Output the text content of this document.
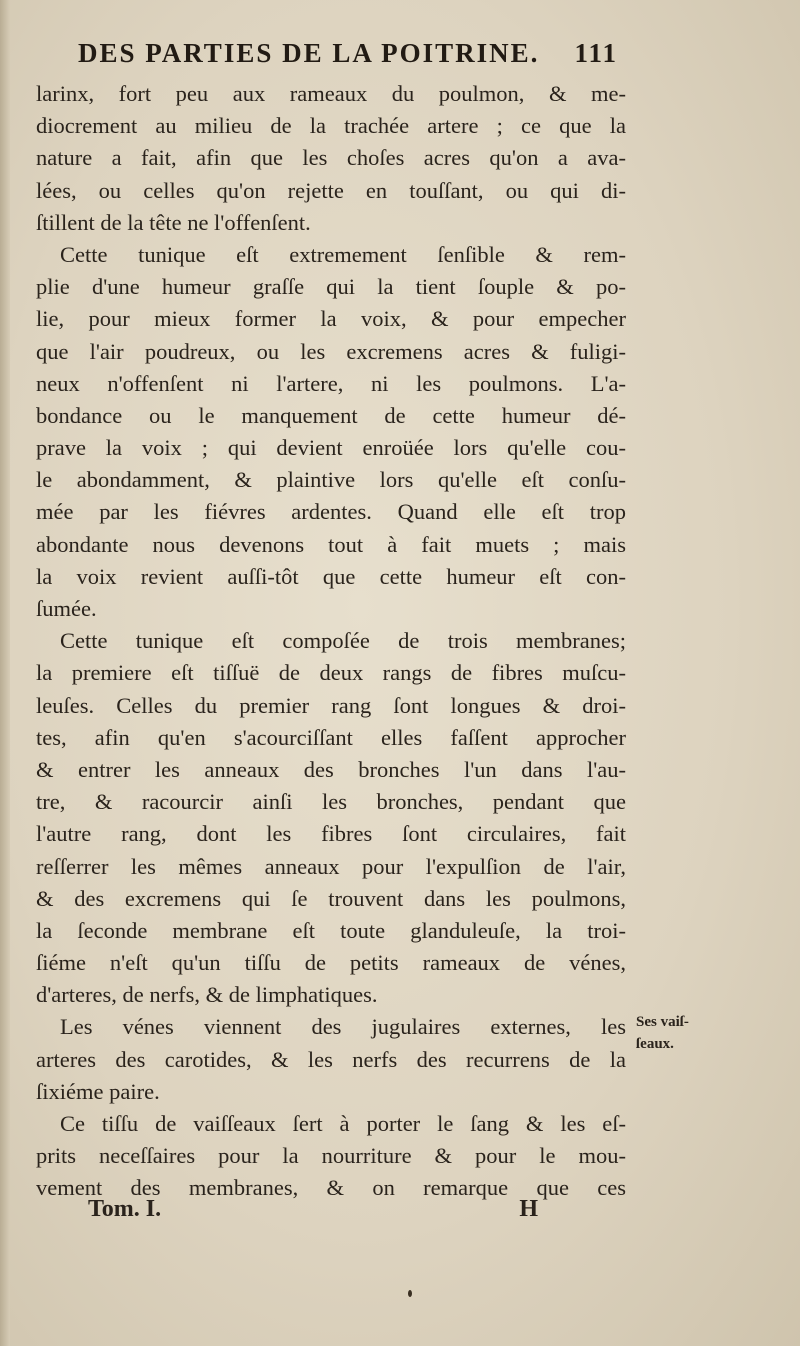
DES PARTIES DE LA POITRINE. 111
larinx, fort peu aux rameaux du poulmon, & me-
diocrement au milieu de la trachée artere ; ce que la
nature a fait, afin que les choſes acres qu'on a ava-
lées, ou celles qu'on rejette en touſſant, ou qui di-
ſtillent de la tête ne l'offenſent.
Cette tunique eſt extremement ſenſible & rem-
plie d'une humeur graſſe qui la tient ſouple & po-
lie, pour mieux former la voix, & pour empecher
que l'air poudreux, ou les excremens acres & fuligi-
neux n'offenſent ni l'artere, ni les poulmons. L'a-
bondance ou le manquement de cette humeur dé-
prave la voix ; qui devient enroüée lors qu'elle cou-
le abondamment, & plaintive lors qu'elle eſt conſu-
mée par les fiévres ardentes. Quand elle eſt trop
abondante nous devenons tout à fait muets ; mais
la voix revient auſſi-tôt que cette humeur eſt con-
ſumée.
Cette tunique eſt compoſée de trois membranes;
la premiere eſt tiſſuë de deux rangs de fibres muſcu-
leuſes. Celles du premier rang ſont longues & droi-
tes, afin qu'en s'acourciſſant elles faſſent approcher
& entrer les anneaux des bronches l'un dans l'au-
tre, & racourcir ainſi les bronches, pendant que
l'autre rang, dont les fibres ſont circulaires, fait
reſſerrer les mêmes anneaux pour l'expulſion de l'air,
& des excremens qui ſe trouvent dans les poulmons,
la ſeconde membrane eſt toute glanduleuſe, la troi-
ſiéme n'eſt qu'un tiſſu de petits rameaux de vénes,
d'arteres, de nerfs, & de limphatiques.
Les vénes viennent des jugulaires externes, les
arteres des carotides, & les nerfs des recurrens de la
ſixiéme paire.
Ce tiſſu de vaiſſeaux ſert à porter le ſang & les eſ-
prits neceſſaires pour la nourriture & pour le mou-
vement des membranes, & on remarque que ces
Ses vaiſ-
ſeaux.
Tom. I.	H
